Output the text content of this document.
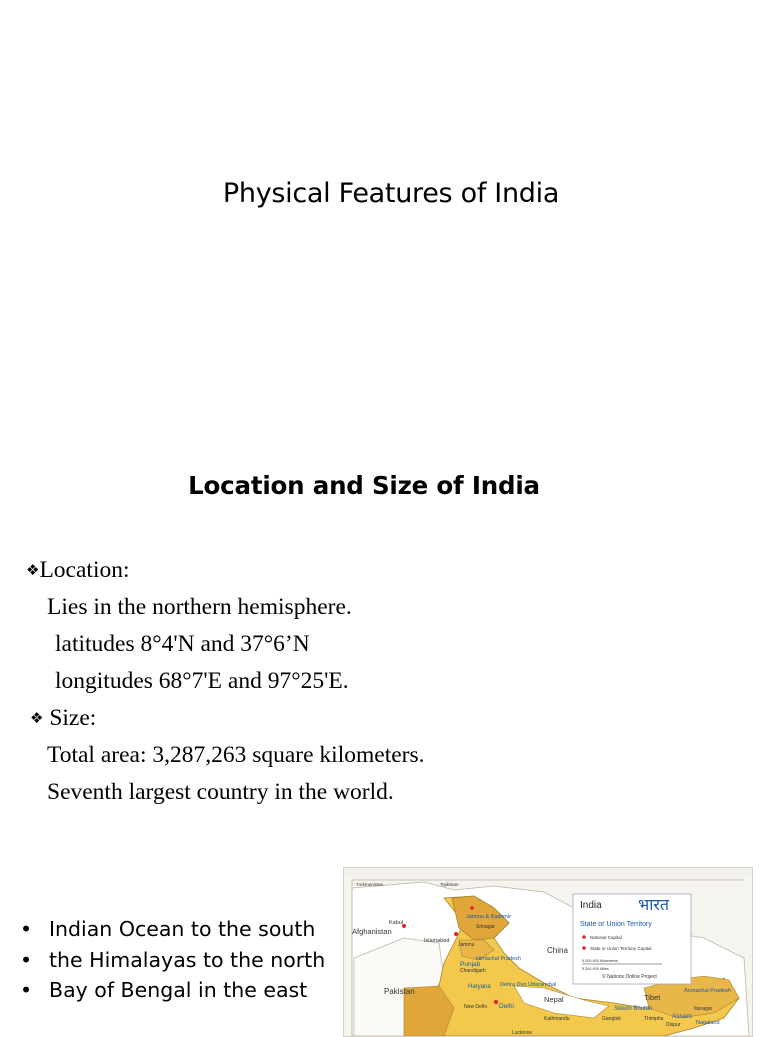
Physical Features of India
Location and Size of India
❖Location:
Lies in the northern hemisphere.
latitudes 8°4'N and 37°6’N
longitudes 68°7'E and 97°25'E.
❖ Size:
Total area: 3,287,263 square kilometers.
Seventh largest country in the world.
• Indian Ocean to the south
• the Himalayas to the north
• Bay of Bengal in the east
Afghanistan
Kabul
Islamabad
Pakistan
China
Nepal	Tibet
Jammu & Kashmir
Srinagar
Jammu
Himachal Pradesh
Chandigarh
Punjab
Haryana Dehra Dun Uttaranchal
New Delhi Delhi
Kathmandu
Lucknow
Sikkim Bhutan
Gangtok	Thimphu
Arunachal Pradesh
Itanagar
Assam
Dispur	Nagaland
Turkmenistan	Tajikistan
India भारत
State or Union Territory
National Capital
State or Union Territory Capital
0 200 400 Kilometers
0 200 400 Miles
© Nations Online Project
